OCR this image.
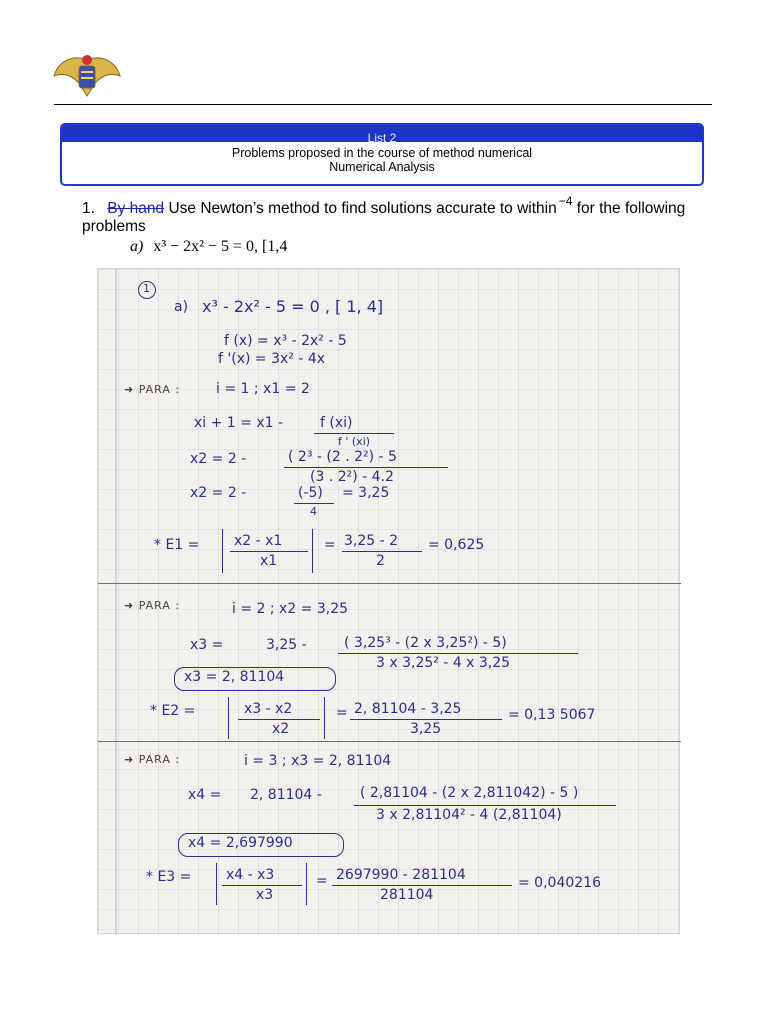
List 2
Problems proposed in the course of method numerical
Numerical Analysis
1. By hand Use Newton’s method to find solutions accurate to within $^{-4}$ for the following problems
a) x³ − 2x² − 5 = 0, [1,4
1
a) x³ - 2x² - 5 = 0 , [ 1, 4]
f (x) = x³ - 2x² - 5
f '(x) = 3x² - 4x
➜ PARA :	i = 1 ; x1 = 2
xi + 1 = x1 -	f (xi)
f ' (xi)
x2 = 2 -	( 2³ - (2 . 2²) - 5
(3 . 2²) - 4.2
x2 = 2 -	(-5)
4
= 3,25
* E1 = x2 - x1
x1
= 3,25 - 2
2
= 0,625
➜ PARA :	i = 2 ; x2 = 3,25
x3 =	3,25 -	( 3,25³ - (2 x 3,25²) - 5)
3 x 3,25² - 4 x 3,25
x3 = 2, 81104
* E2 =	x3 - x2
x2
= 2, 81104 - 3,25
3,25
= 0,13 5067
➜ PARA :	i = 3 ; x3 = 2, 81104
x4 = 2, 81104 -	( 2,81104 - (2 x 2,811042) - 5 )
3 x 2,81104² - 4 (2,81104)
x4 = 2,697990
* E3 = x4 - x3
x3
= 2697990 - 281104
281104
= 0,040216
